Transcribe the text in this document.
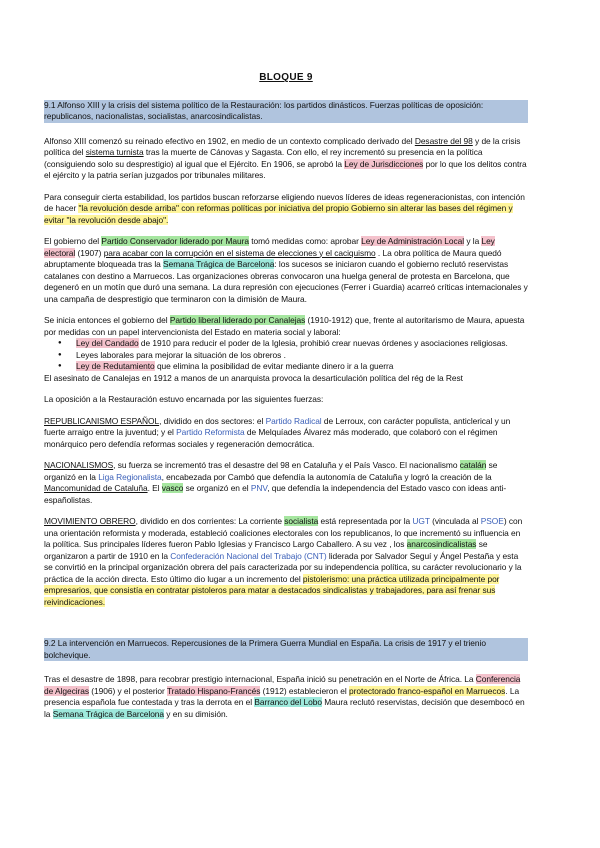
BLOQUE 9
9.1 Alfonso XIII y la crisis del sistema político de la Restauración: los partidos dinásticos. Fuerzas políticas de oposición: republicanos, nacionalistas, socialistas, anarcosindicalistas.
Alfonso XIII comenzó su reinado efectivo en 1902, en medio de un contexto complicado derivado del Desastre del 98 y de la crisis política del sistema turnista tras la muerte de Cánovas y Sagasta. Con ello, el rey incrementó su presencia en la política (consiguiendo solo su desprestigio) al igual que el Ejército. En 1906, se aprobó la Ley de Jurisdicciones por lo que los delitos contra el ejército y la patria serían juzgados por tribunales militares.
Para conseguir cierta estabilidad, los partidos buscan reforzarse eligiendo nuevos líderes de ideas regeneracionistas, con intención de hacer "la revolución desde arriba" con reformas políticas por iniciativa del propio Gobierno sin alterar las bases del régimen y evitar "la revolución desde abajo".
El gobierno del Partido Conservador liderado por Maura tomó medidas como: aprobar Ley de Administración Local y la Ley electoral (1907) para acabar con la corrupción en el sistema de elecciones y el caciquismo . La obra política de Maura quedó abruptamente bloqueada tras la Semana Trágica de Barcelona: los sucesos se iniciaron cuando el gobierno reclutó reservistas catalanes con destino a Marruecos. Las organizaciones obreras convocaron una huelga general de protesta en Barcelona, que degeneró en un motín que duró una semana. La dura represión con ejecuciones (Ferrer i Guardia) acarreó críticas internacionales y una campaña de desprestigio que terminaron con la dimisión de Maura.
Se inicia entonces el gobierno del Partido liberal liderado por Canalejas (1910-1912) que, frente al autoritarismo de Maura, apuesta por medidas con un papel intervencionista del Estado en materia social y laboral:
● Ley del Candado de 1910 para reducir el poder de la Iglesia, prohibió crear nuevas órdenes y asociaciones religiosas.
● Leyes laborales para mejorar la situación de los obreros .
● Ley de Redutamiento que elimina la posibilidad de evitar mediante dinero ir a la guerra
El asesinato de Canalejas en 1912 a manos de un anarquista provoca la desarticulación política del rég de la Rest
La oposición a la Restauración estuvo encarnada por las siguientes fuerzas:
REPUBLICANISMO ESPAÑOL, dividido en dos sectores: el Partido Radical de Lerroux, con carácter populista, anticlerical y un fuerte arraigo entre la juventud; y el Partido Reformista de Melquíades Álvarez más moderado, que colaboró con el régimen monárquico pero defendía reformas sociales y regeneración democrática.
NACIONALISMOS, su fuerza se incrementó tras el desastre del 98 en Cataluña y el País Vasco. El nacionalismo catalán se organizó en la Liga Regionalista, encabezada por Cambó que defendía la autonomía de Cataluña y logró la creación de la Mancomunidad de Cataluña. El vasco se organizó en el PNV, que defendía la independencia del Estado vasco con ideas anti-españolistas.
MOVIMIENTO OBRERO, dividido en dos corrientes: La corriente socialista está representada por la UGT (vinculada al PSOE) con una orientación reformista y moderada, estableció coaliciones electorales con los republicanos, lo que incrementó su influencia en la política. Sus principales líderes fueron Pablo Iglesias y Francisco Largo Caballero. A su vez , los anarcosindicalistas se organizaron a partir de 1910 en la Confederación Nacional del Trabajo (CNT) liderada por Salvador Seguí y Ángel Pestaña y esta se convirtió en la principal organización obrera del país caracterizada por su independencia política, su carácter revolucionario y la práctica de la acción directa. Esto último dio lugar a un incremento del pistolerismo: una práctica utilizada principalmente por empresarios, que consistía en contratar pistoleros para matar a destacados sindicalistas y trabajadores, para así frenar sus reivindicaciones.
9.2 La intervención en Marruecos. Repercusiones de la Primera Guerra Mundial en España. La crisis de 1917 y el trienio bolchevique.
Tras el desastre de 1898, para recobrar prestigio internacional, España inició su penetración en el Norte de África. La Conferencia de Algeciras (1906) y el posterior Tratado Hispano-Francés (1912) establecieron el protectorado franco-español en Marruecos. La presencia española fue contestada y tras la derrota en el Barranco del Lobo Maura reclutó reservistas, decisión que desembocó en la Semana Trágica de Barcelona y en su dimisión.
